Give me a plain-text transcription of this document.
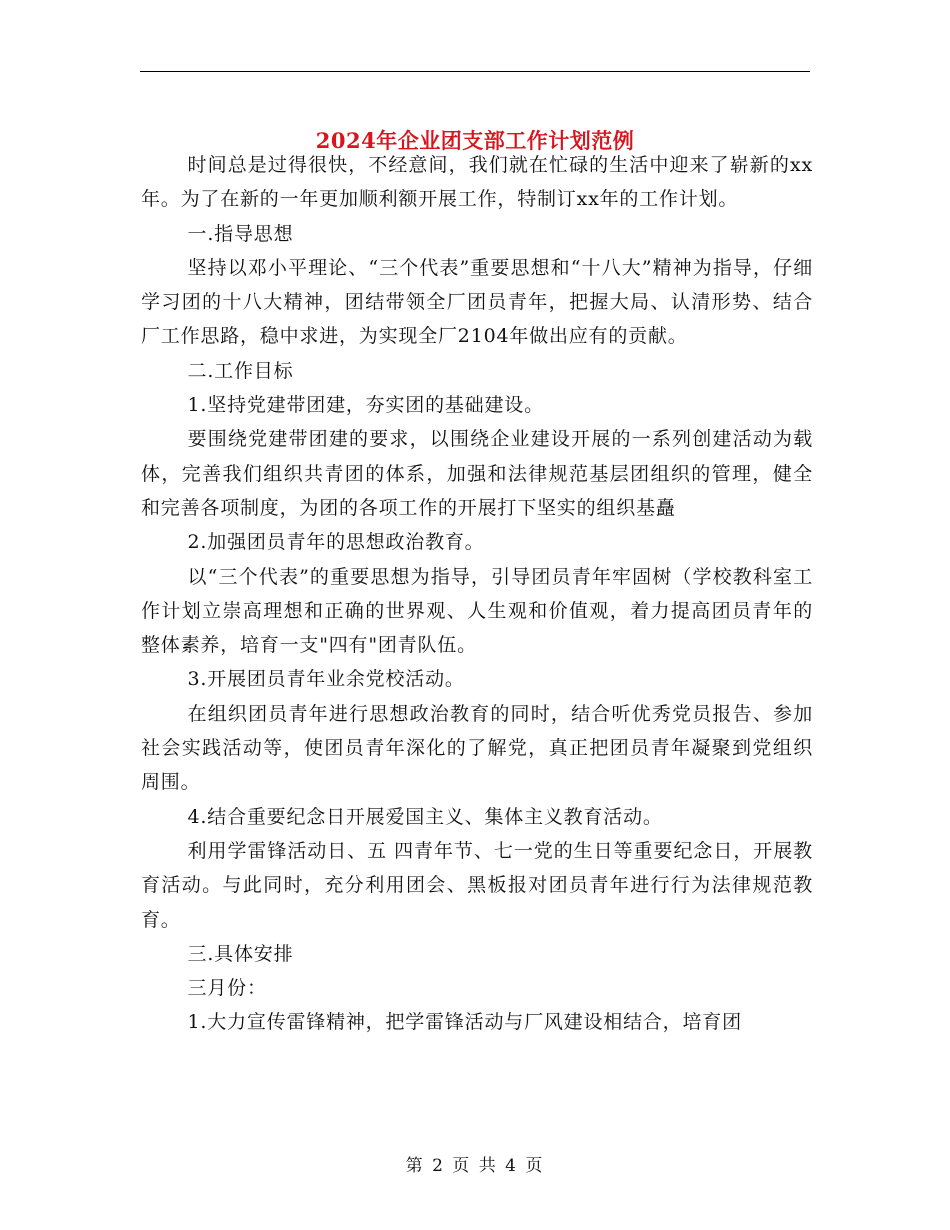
2024年企业团支部工作计划范例

时间总是过得很快，不经意间，我们就在忙碌的生活中迎来了崭新的xx年。为了在新的一年更加顺利额开展工作，特制订xx年的工作计划。

一.指导思想

坚持以邓小平理论、“三个代表”重要思想和“十八大”精神为指导，仔细学习团的十八大精神，团结带领全厂团员青年，把握大局、认清形势、结合厂工作思路，稳中求进，为实现全厂2104年做出应有的贡献。

二.工作目标

1.坚持党建带团建，夯实团的基础建设。

要围绕党建带团建的要求，以围绕企业建设开展的一系列创建活动为载体，完善我们组织共青团的体系，加强和法律规范基层团组织的管理，健全和完善各项制度，为团的各项工作的开展打下坚实的组织基矗

2.加强团员青年的思想政治教育。

以“三个代表”的重要思想为指导，引导团员青年牢固树（学校教科室工作计划立崇高理想和正确的世界观、人生观和价值观，着力提高团员青年的整体素养，培育一支"四有"团青队伍。

3.开展团员青年业余党校活动。

在组织团员青年进行思想政治教育的同时，结合听优秀党员报告、参加社会实践活动等，使团员青年深化的了解党，真正把团员青年凝聚到党组织周围。

4.结合重要纪念日开展爱国主义、集体主义教育活动。

利用学雷锋活动日、五 四青年节、七一党的生日等重要纪念日，开展教育活动。与此同时，充分利用团会、黑板报对团员青年进行行为法律规范教育。

三.具体安排

三月份：

1.大力宣传雷锋精神，把学雷锋活动与厂风建设相结合，培育团

第 2 页 共 4 页
